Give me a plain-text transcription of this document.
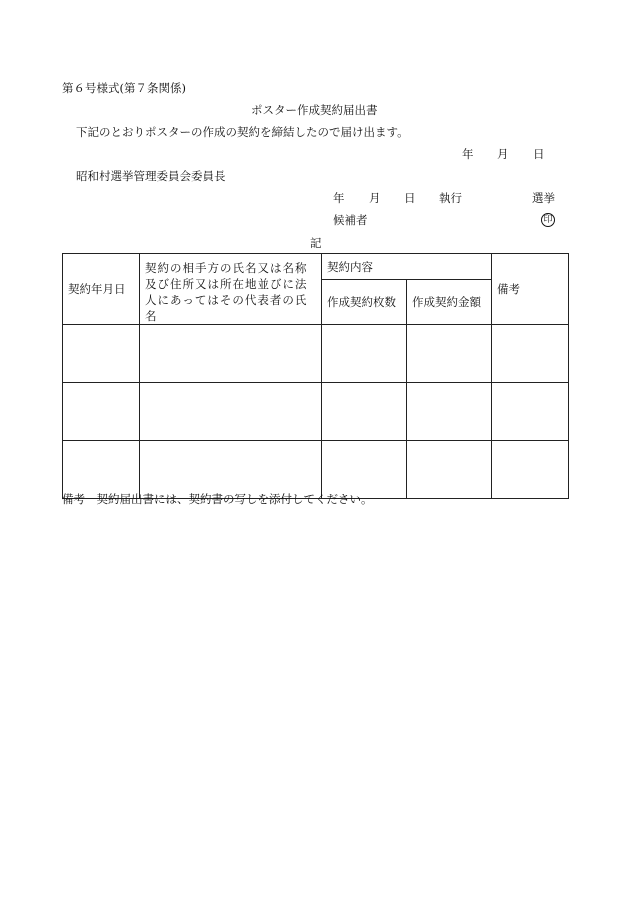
第６号様式(第７条関係)
ポスター作成契約届出書
下記のとおりポスターの作成の契約を締結したので届け出ます。
年 月 日
昭和村選挙管理委員会委員長
年 月 日 執行	選挙
候補者	印
記
契約年月日	契約の相手方の氏名又は名称及び住所又は所在地並びに法人にあってはその代表者の氏名	契約内容		備考
		作成契約枚数	作成契約金額	

備考　契約届出書には、契約書の写しを添付してください。
